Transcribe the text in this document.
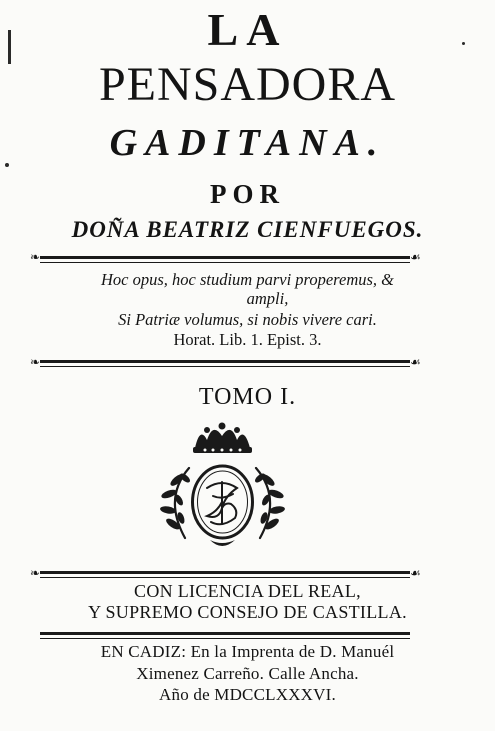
LA
PENSADORA
GADITANA.
POR
DOÑA BEATRIZ CIENFUEGOS.
❧	☙
Hoc opus, hoc studium parvi properemus, &
ampli,
Si Patriæ volumus, si nobis vivere cari.
Horat. Lib. 1. Epist. 3.
❧	☙
TOMO I.
❧	☙
CON LICENCIA DEL REAL,
Y SUPREMO CONSEJO DE CASTILLA.
EN CADIZ: En la Imprenta de D. Manuél
Ximenez Carreño. Calle Ancha.
Año de MDCCLXXXVI.
